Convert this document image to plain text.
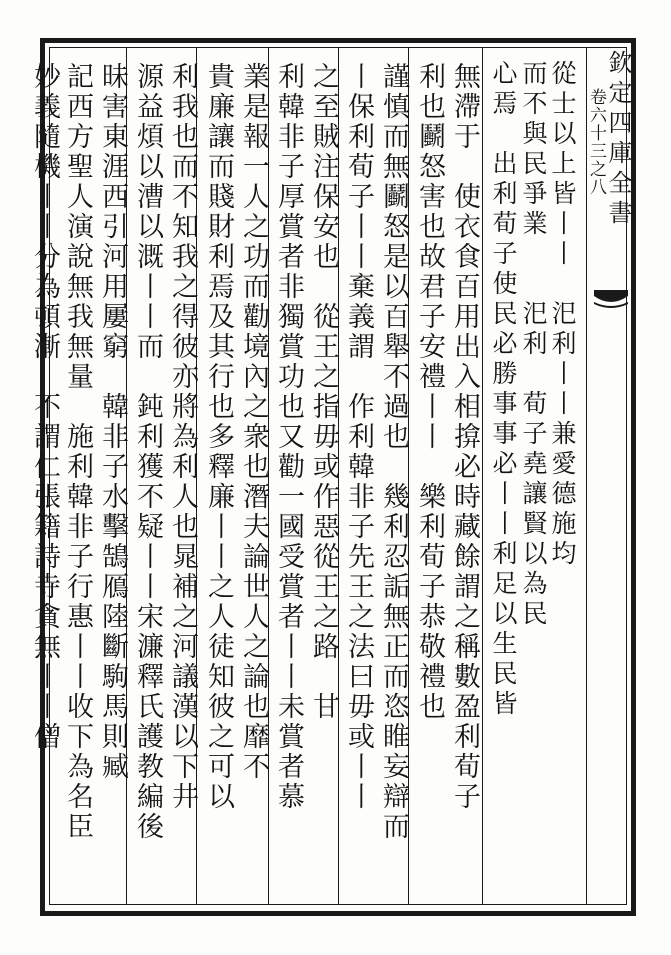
欽定四庫全書
卷六十三之八
從士以上皆丨丨　汜利丨丨兼愛德施均
而不與民爭業　　汜利　荀子堯讓賢以為民
心焉　出利荀子使民必勝事事必丨丨利足以生民皆
無滯于　使衣食百用出入相揜必時藏餘謂之稱數盈利荀子
利也鬬怒害也故君子安禮丨丨　樂利荀子恭敬禮也
謹慎而無鬬怒是以百舉不過也　幾利忍詬無正而恣睢妄辯而
丨保利荀子丨丨棄義謂　作利韓非子先王之法曰毋或丨丨
之至賊注保安也　從王之指毋或作惡從王之路　甘
利韓非子厚賞者非獨賞功也又勸一國受賞者丨丨未賞者慕
業是報一人之功而勸境內之衆也潛夫論世人之論也靡不
貴廉讓而賤財利焉及其行也多釋廉丨丨之人徒知彼之可以
利我也而不知我之得彼亦將為利人也晁補之河議漢以下井
源益煩以漕以溉丨丨而　鈍利獲不疑丨丨宋濂釋氏護教編後
昧害東涯西引河用屢窮　韓非子水擊鵠鴈陸斷駒馬則臧
記西方聖人演說無我無量　施利韓非子行惠丨丨收下為名臣
妙義隨機丨丨分為頓漸　不謂仁張籍詩寺貪無丨丨僧
